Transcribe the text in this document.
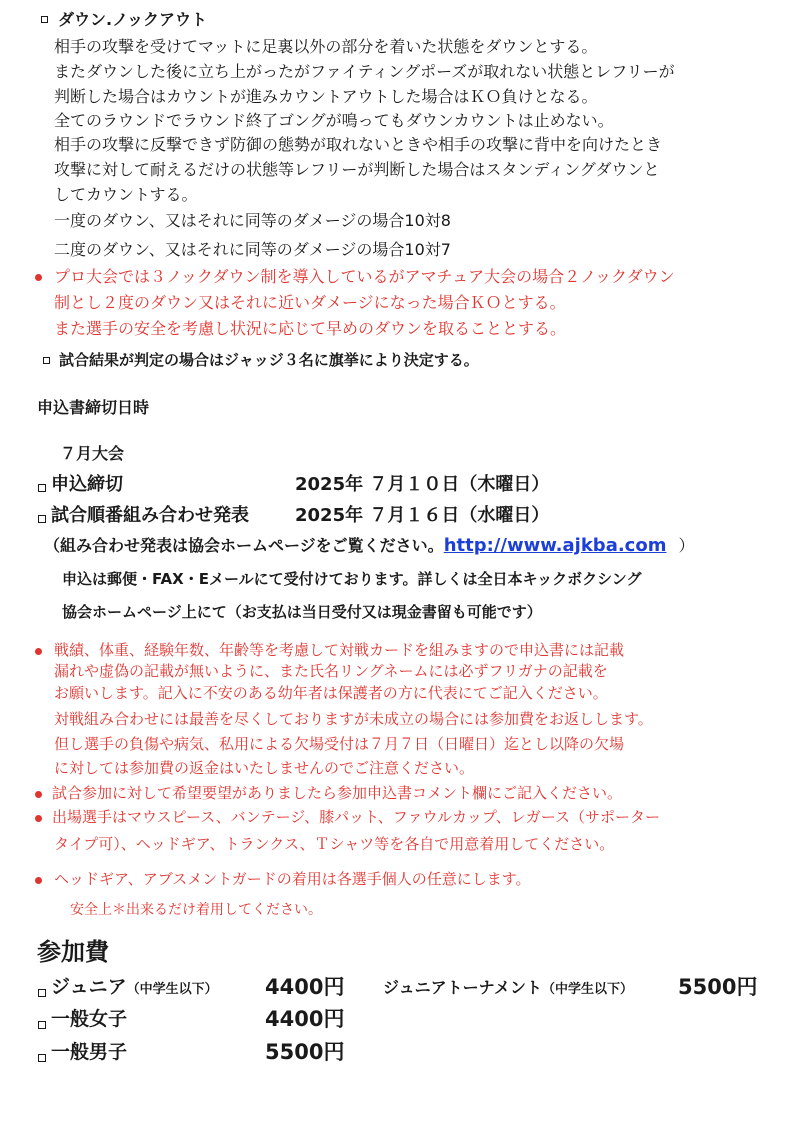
ダウン.ノックアウト
相手の攻撃を受けてマットに足裏以外の部分を着いた状態をダウンとする。
またダウンした後に立ち上がったがファイティングポーズが取れない状態とレフリーが
判断した場合はカウントが進みカウントアウトした場合はＫＯ負けとなる。
全てのラウンドでラウンド終了ゴングが鳴ってもダウンカウントは止めない。
相手の攻撃に反撃できず防御の態勢が取れないときや相手の攻撃に背中を向けたとき
攻撃に対して耐えるだけの状態等レフリーが判断した場合はスタンディングダウンと
してカウントする。
一度のダウン、又はそれに同等のダメージの場合10対8
二度のダウン、又はそれに同等のダメージの場合10対7
プロ大会では３ノックダウン制を導入しているがアマチュア大会の場合２ノックダウン
制とし２度のダウン又はそれに近いダメージになった場合ＫＯとする。
また選手の安全を考慮し状況に応じて早めのダウンを取ることとする。
試合結果が判定の場合はジャッジ３名に旗挙により決定する。
申込書締切日時
７月大会
申込締切	2025年 ７月１０日（木曜日）
試合順番組み合わせ発表	2025年 ７月１６日（水曜日）
（組み合わせ発表は協会ホームページをご覧ください。http://www.ajkba.com ）
申込は郵便・FAX・Eメールにて受付けております。詳しくは全日本キックボクシング
協会ホームページ上にて（お支払は当日受付又は現金書留も可能です）
戦績、体重、経験年数、年齢等を考慮して対戦カードを組みますので申込書には記載
漏れや虚偽の記載が無いように、また氏名リングネームには必ずフリガナの記載を
お願いします。記入に不安のある幼年者は保護者の方に代表にてご記入ください。
対戦組み合わせには最善を尽くしておりますが未成立の場合には参加費をお返しします。
但し選手の負傷や病気、私用による欠場受付は７月７日（日曜日）迄とし以降の欠場
に対しては参加費の返金はいたしませんのでご注意ください。
試合参加に対して希望要望がありましたら参加申込書コメント欄にご記入ください。
出場選手はマウスピース、バンテージ、膝パット、ファウルカップ、レガース（サポーター
タイプ可）、ヘッドギア、トランクス、Ｔシャツ等を各自で用意着用してください。
ヘッドギア、アブスメントガードの着用は各選手個人の任意にします。
安全上＊出来るだけ着用してください。
参加費
ジュニア（中学生以下） 4400円 ジュニアトーナメント（中学生以下） 5500円
一般女子	4400円
一般男子	5500円
